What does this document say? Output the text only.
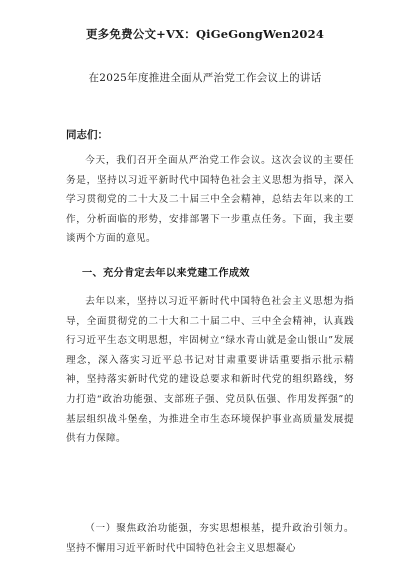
更多免费公文+VX：QiGeGongWen2024
在2025年度推进全面从严治党工作会议上的讲话
同志们：

今天，我们召开全面从严治党工作会议。这次会议的主要任务是，坚持以习近平新时代中国特色社会主义思想为指导，深入学习贯彻党的二十大及二十届三中全会精神，总结去年以来的工作，分析面临的形势，安排部署下一步重点任务。下面，我主要谈两个方面的意见。

一、充分肯定去年以来党建工作成效

去年以来，坚持以习近平新时代中国特色社会主义思想为指导，全面贯彻党的二十大和二十届二中、三中全会精神，认真践行习近平生态文明思想，牢固树立“绿水青山就是金山银山”发展理念，深入落实习近平总书记对甘肃重要讲话重要指示批示精神，坚持落实新时代党的建设总要求和新时代党的组织路线，努力打造“政治功能强、支部班子强、党员队伍强、作用发挥强”的基层组织战斗堡垒，为推进全市生态环境保护事业高质量发展提供有力保障。

（一）聚焦政治功能强，夯实思想根基，提升政治引领力。坚持不懈用习近平新时代中国特色社会主义思想凝心
